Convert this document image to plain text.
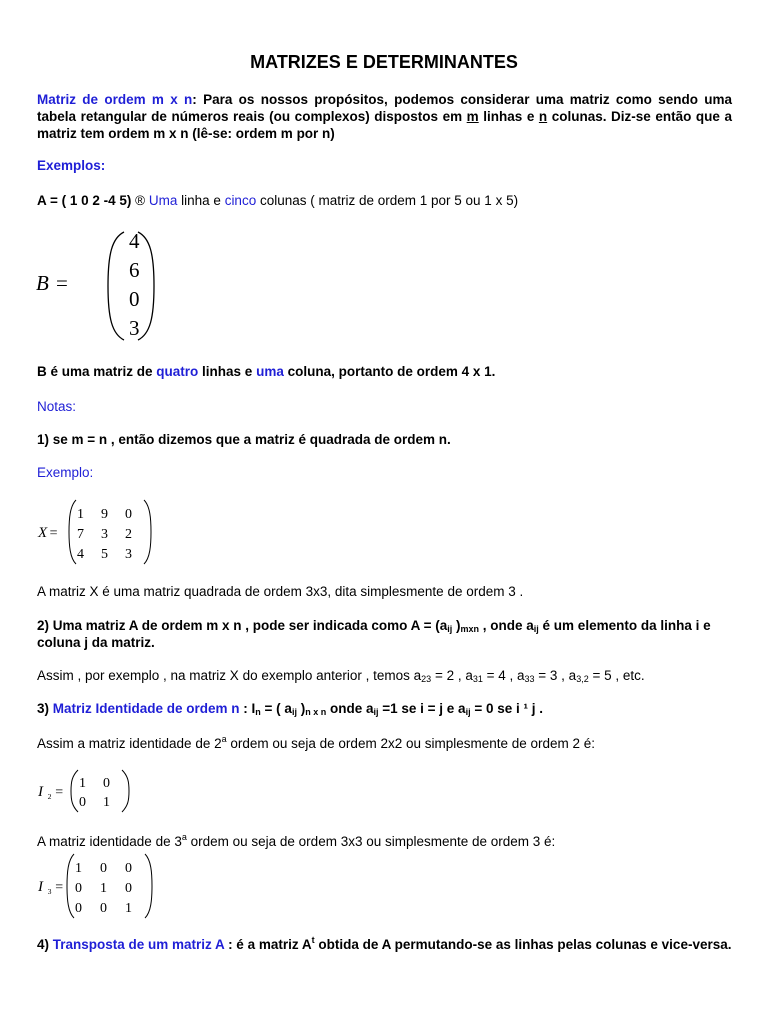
MATRIZES E DETERMINANTES
Matriz de ordem m x n: Para os nossos propósitos, podemos considerar uma matriz como sendo uma tabela retangular de números reais (ou complexos) dispostos em m linhas e n colunas. Diz-se então que a matriz tem ordem m x n (lê-se: ordem m por n)
Exemplos:
A = ( 1 0 2 -4 5) ® Uma linha e cinco colunas ( matriz de ordem 1 por 5 ou 1 x 5)
B =
4
6
0
3
B é uma matriz de quatro linhas e uma coluna, portanto de ordem 4 x 1.
Notas:
1) se m = n , então dizemos que a matriz é quadrada de ordem n.
Exemplo:
X =
1 9 0
7 3 2
4 5 3
A matriz X é uma matriz quadrada de ordem 3x3, dita simplesmente de ordem 3 .
2) Uma matriz A de ordem m x n , pode ser indicada como $A = (a_{ij}$ )$_{mxn}$ , onde $a_{ij}$ é um elemento da linha i e coluna j da matriz.
Assim , por exemplo , na matriz X do exemplo anterior , temos $a_{23} = 2$ , $a_{31} = 4$ , $a_{33} = 3$ , $a_{3,2} = 5$ , etc.
3) Matriz Identidade de ordem n : $I_n$ = ( $a_{ij}$ )$_{n x n}$ onde $a_{ij} =1$ se i = j e $a_{ij} = 0$ se i ¹ j .
Assim a matriz identidade de 2$^a$ ordem ou seja de ordem 2x2 ou simplesmente de ordem 2 é:
I 2 =
1 0
0 1
A matriz identidade de 3$^a$ ordem ou seja de ordem 3x3 ou simplesmente de ordem 3 é:
I 3 =
1 0 0
0 1 0
0 0 1
4) Transposta de um matriz A : é a matriz $A^t$ obtida de A permutando-se as linhas pelas colunas e vice-versa.
